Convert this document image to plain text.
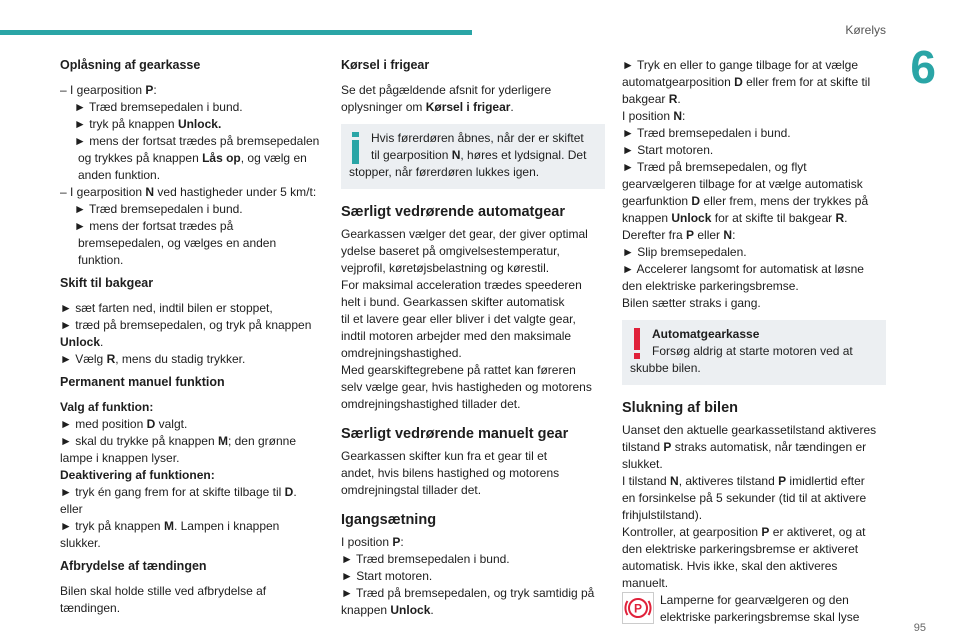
Kørelys
6
95
Oplåsning af gearkasse

– I gearposition P:

► Træd bremsepedalen i bund.

► tryk på knappen Unlock.

► mens der fortsat trædes på bremsepedalen

og trykkes på knappen Lås op, og vælg en

anden funktion.

– I gearposition N ved hastigheder under 5 km/t:

► Træd bremsepedalen i bund.

► mens der fortsat trædes på

bremsepedalen, og vælges en anden

funktion.

Skift til bakgear

► sæt farten ned, indtil bilen er stoppet,

► træd på bremsepedalen, og tryk på knappen

Unlock.

► Vælg R, mens du stadig trykker.

Permanent manuel funktion

Valg af funktion:

► med position D valgt.

► skal du trykke på knappen M; den grønne

lampe i knappen lyser.

Deaktivering af funktionen:

► tryk én gang frem for at skifte tilbage til D.

eller

► tryk på knappen M. Lampen i knappen

slukker.

Afbrydelse af tændingen

Bilen skal holde stille ved afbrydelse af

tændingen.

Kørsel i frigear

Se det pågældende afsnit for yderligere

oplysninger om Kørsel i frigear.

Hvis førerdøren åbnes, når der er skiftet

til gearposition N, høres et lydsignal. Det

stopper, når førerdøren lukkes igen.

Særligt vedrørende automatgear

Gearkassen vælger det gear, der giver optimal

ydelse baseret på omgivelsestemperatur,

vejprofil, køretøjsbelastning og kørestil.

For maksimal acceleration trædes speederen

helt i bund. Gearkassen skifter automatisk

til et lavere gear eller bliver i det valgte gear,

indtil motoren arbejder med den maksimale

omdrejningshastighed.

Med gearskiftegrebene på rattet kan føreren

selv vælge gear, hvis hastigheden og motorens

omdrejningshastighed tillader det.

Særligt vedrørende manuelt gear

Gearkassen skifter kun fra et gear til et

andet, hvis bilens hastighed og motorens

omdrejningstal tillader det.

Igangsætning

I position P:

► Træd bremsepedalen i bund.

► Start motoren.

► Træd på bremsepedalen, og tryk samtidig på

knappen Unlock.

► Tryk en eller to gange tilbage for at vælge

automatgearposition D eller frem for at skifte til

bakgear R.

I position N:

► Træd bremsepedalen i bund.

► Start motoren.

► Træd på bremsepedalen, og flyt

gearvælgeren tilbage for at vælge automatisk

gearfunktion D eller frem, mens der trykkes på

knappen Unlock for at skifte til bakgear R.

Derefter fra P eller N:

► Slip bremsepedalen.

► Accelerer langsomt for automatisk at løsne

den elektriske parkeringsbremse.

Bilen sætter straks i gang.

Automatgearkasse

Forsøg aldrig at starte motoren ved at

skubbe bilen.

Slukning af bilen

Uanset den aktuelle gearkassetilstand aktiveres

tilstand P straks automatisk, når tændingen er

slukket.

I tilstand N, aktiveres tilstand P imidlertid efter

en forsinkelse på 5 sekunder (tid til at aktivere

frihjulstilstand).

Kontroller, at gearposition P er aktiveret, og at

den elektriske parkeringsbremse er aktiveret

automatisk. Hvis ikke, skal den aktiveres

manuelt.

P

Lamperne for gearvælgeren og den

elektriske parkeringsbremse skal lyse
